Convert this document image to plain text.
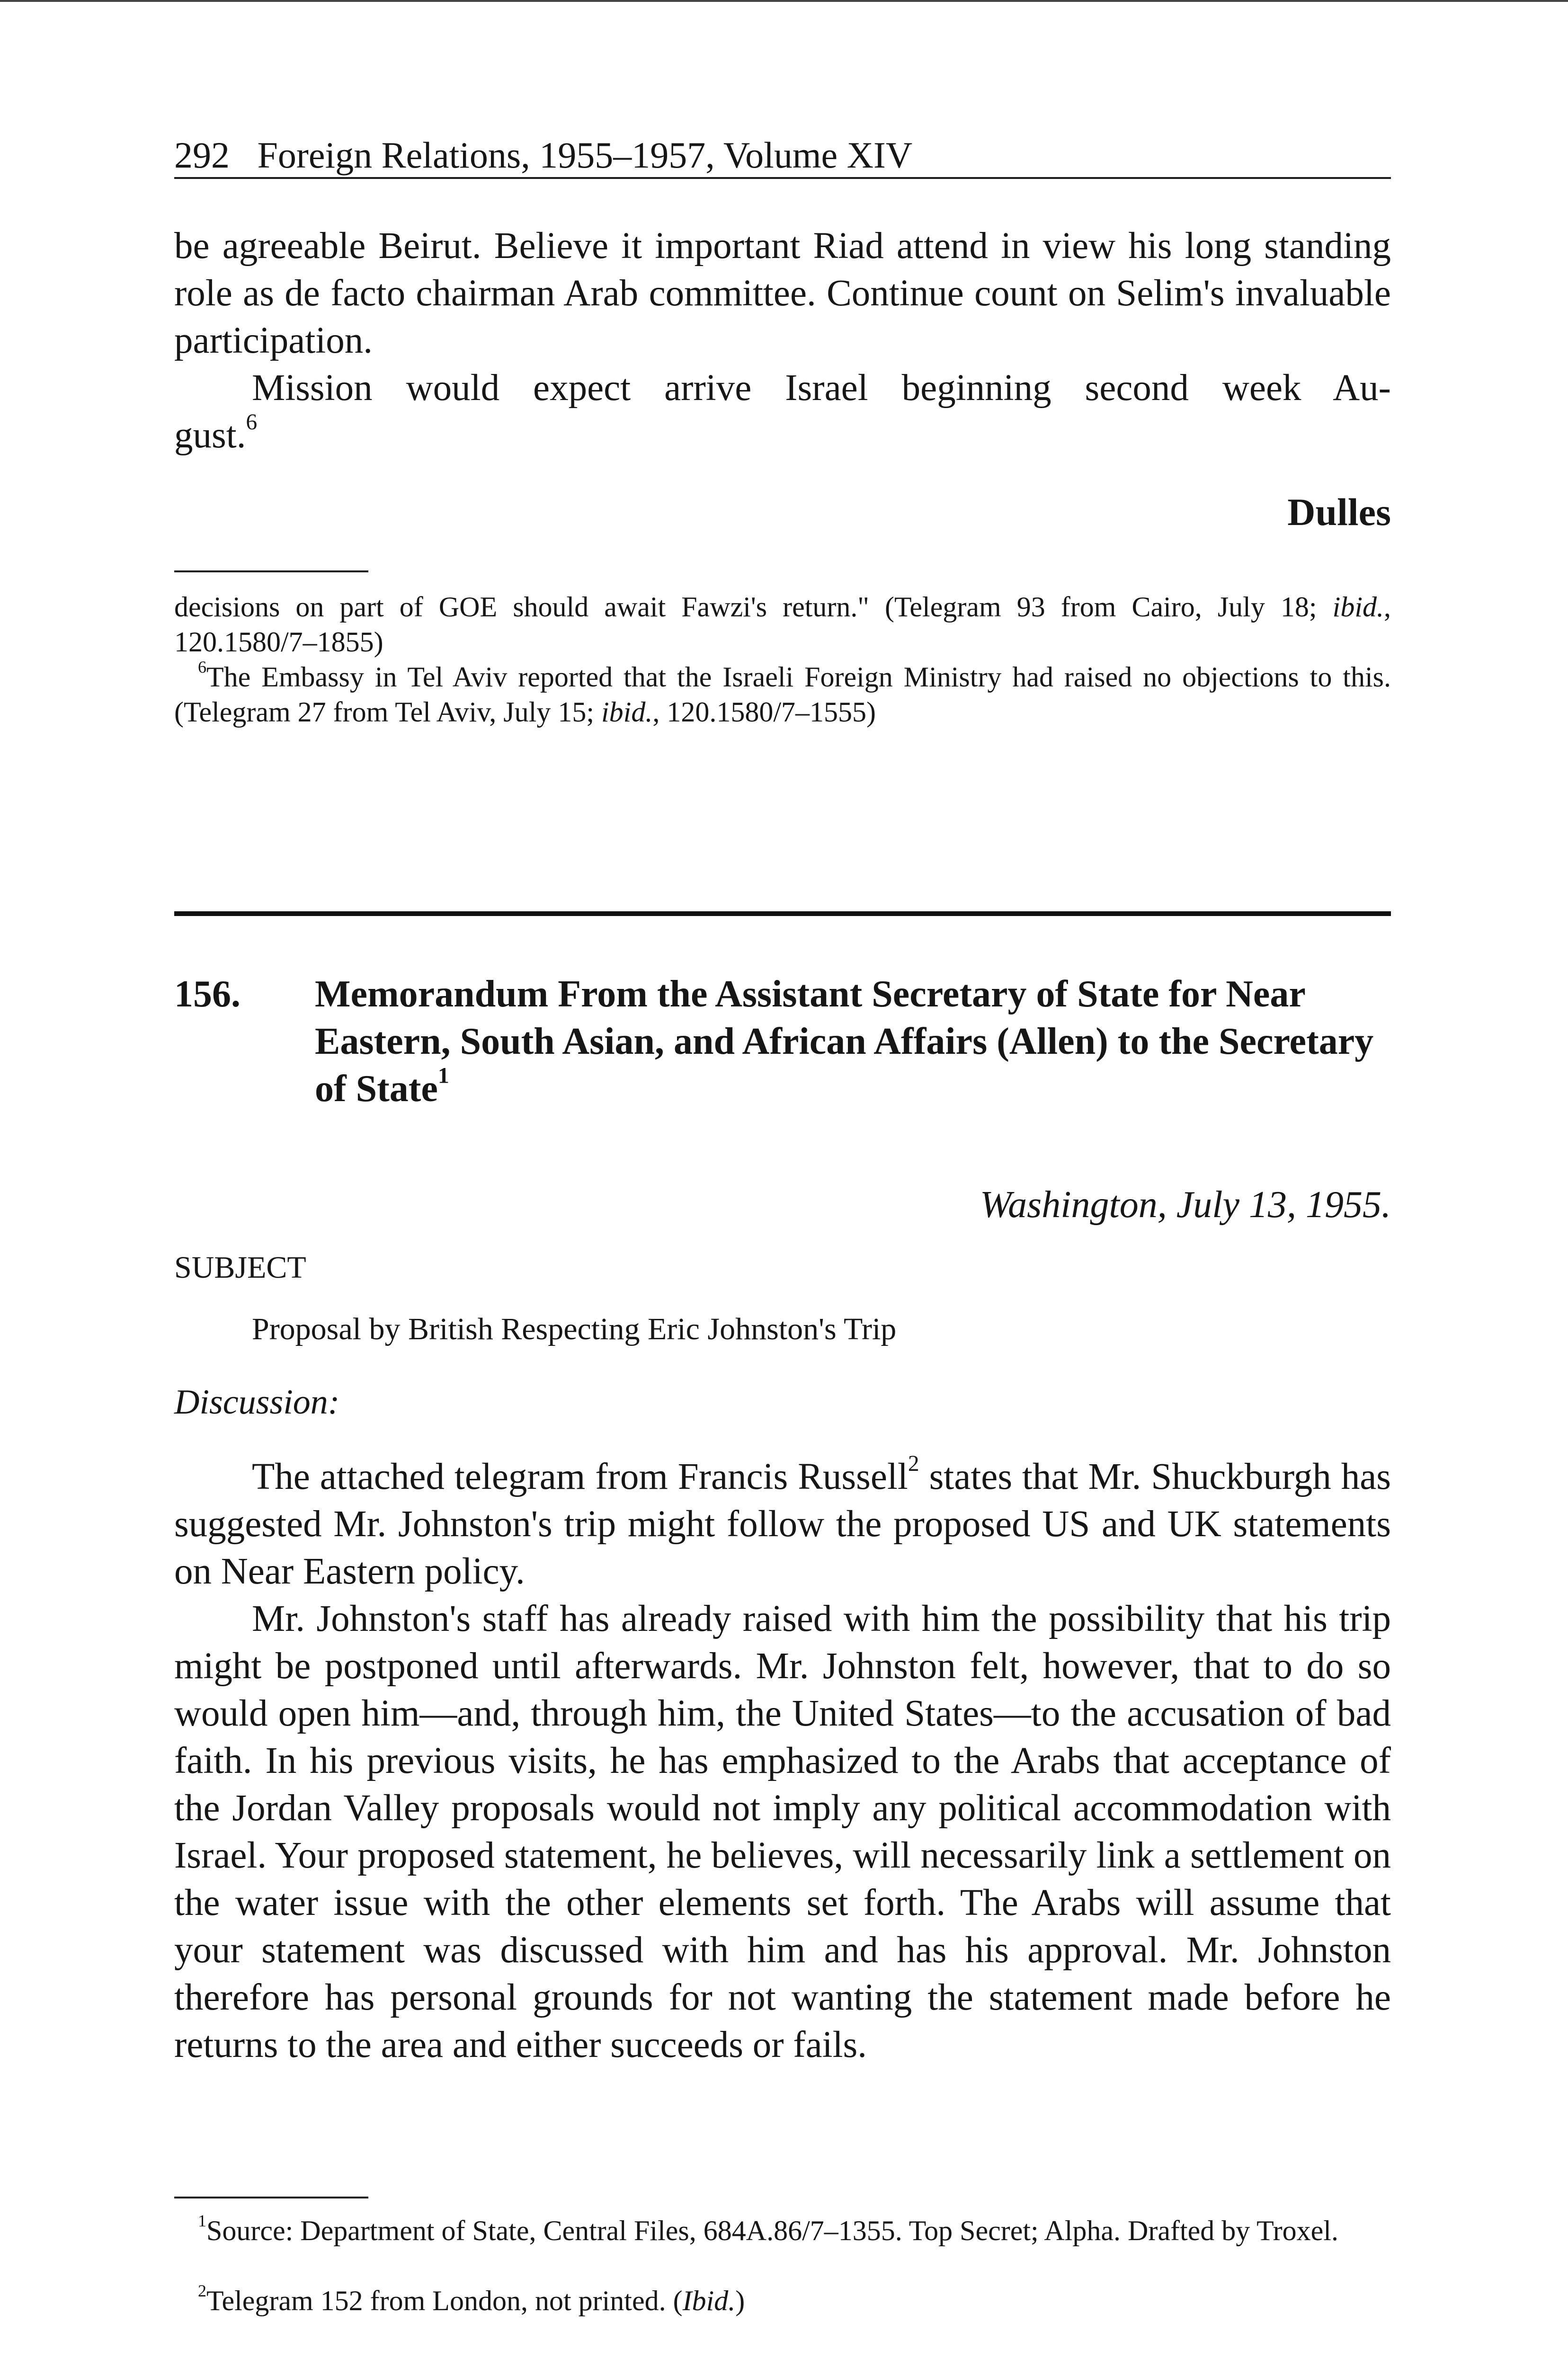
292 Foreign Relations, 1955–1957, Volume XIV

be agreeable Beirut. Believe it important Riad attend in view his long standing role as de facto chairman Arab committee. Continue count on Selim's invaluable participation.

Mission would expect arrive Israel beginning second week Au-

gust.$^6$

Dulles

decisions on part of GOE should await Fawzi's return." (Telegram 93 from Cairo, July 18; ibid., 120.1580/7–1855)

$^6$The Embassy in Tel Aviv reported that the Israeli Foreign Ministry had raised no objections to this. (Telegram 27 from Tel Aviv, July 15; ibid., 120.1580/7–1555)

156. Memorandum From the Assistant Secretary of State for Near Eastern, South Asian, and African Affairs (Allen) to the Secretary of State$^1$
Washington, July 13, 1955.
SUBJECT
Proposal by British Respecting Eric Johnston's Trip
Discussion:

The attached telegram from Francis Russell$^2$ states that Mr. Shuckburgh has suggested Mr. Johnston's trip might follow the proposed US and UK statements on Near Eastern policy.

Mr. Johnston's staff has already raised with him the possibility that his trip might be postponed until afterwards. Mr. Johnston felt, however, that to do so would open him—and, through him, the United States—to the accusation of bad faith. In his previous visits, he has emphasized to the Arabs that acceptance of the Jordan Valley proposals would not imply any political accommodation with Israel. Your proposed statement, he believes, will necessarily link a settlement on the water issue with the other elements set forth. The Arabs will assume that your statement was discussed with him and has his approval. Mr. Johnston therefore has personal grounds for not wanting the statement made before he returns to the area and either succeeds or fails.

$^1$Source: Department of State, Central Files, 684A.86/7–1355. Top Secret; Alpha. Drafted by Troxel.

$^2$Telegram 152 from London, not printed. (Ibid.)
